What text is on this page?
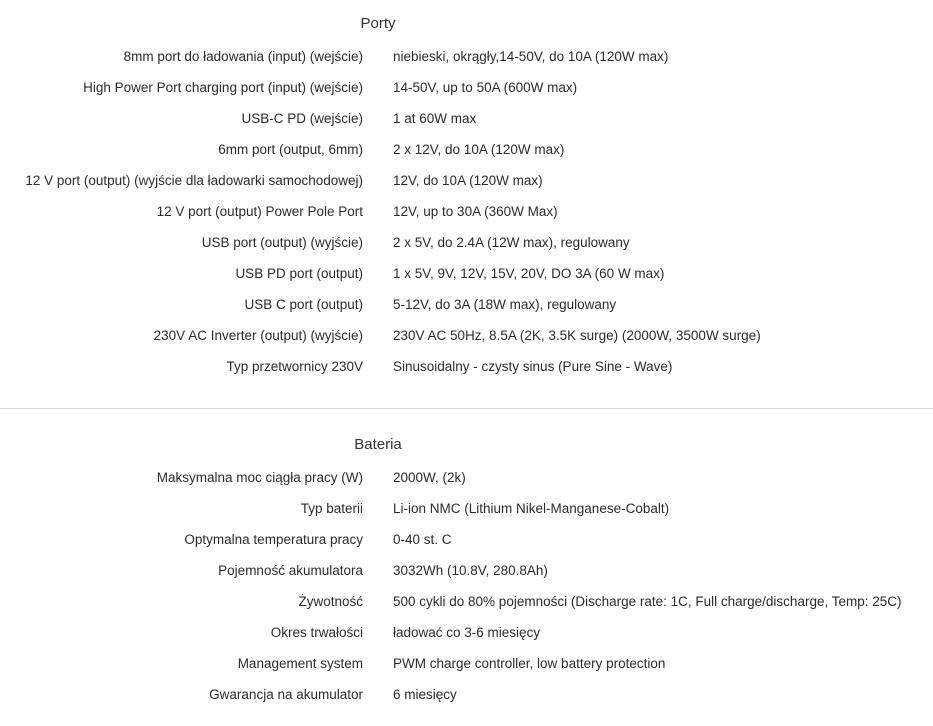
Porty
8mm port do ładowania (input) (wejście) niebieski, okrągły,14-50V, do 10A (120W max)
High Power Port charging port (input) (wejście) 14-50V, up to 50A (600W max)
USB-C PD (wejście) 1 at 60W max
6mm port (output, 6mm) 2 x 12V, do 10A (120W max)
12 V port (output) (wyjście dla ładowarki samochodowej) 12V, do 10A (120W max)
12 V port (output) Power Pole Port 12V, up to 30A (360W Max)
USB port (output) (wyjście) 2 x 5V, do 2.4A (12W max), regulowany
USB PD port (output) 1 x 5V, 9V, 12V, 15V, 20V, DO 3A (60 W max)
USB C port (output) 5-12V, do 3A (18W max), regulowany
230V AC Inverter (output) (wyjście) 230V AC 50Hz, 8.5A (2K, 3.5K surge) (2000W, 3500W surge)
Typ przetwornicy 230V Sinusoidalny - czysty sinus (Pure Sine - Wave)
Bateria
Maksymalna moc ciągła pracy (W) 2000W, (2k)
Typ baterii Li-ion NMC (Lithium Nikel-Manganese-Cobalt)
Optymalna temperatura pracy 0-40 st. C
Pojemność akumulatora 3032Wh (10.8V, 280.8Ah)
Żywotność 500 cykli do 80% pojemności (Discharge rate: 1C, Full charge/discharge, Temp: 25C)
Okres trwałości ładować co 3-6 miesięcy
Management system PWM charge controller, low battery protection
Gwarancja na akumulator 6 miesięcy
